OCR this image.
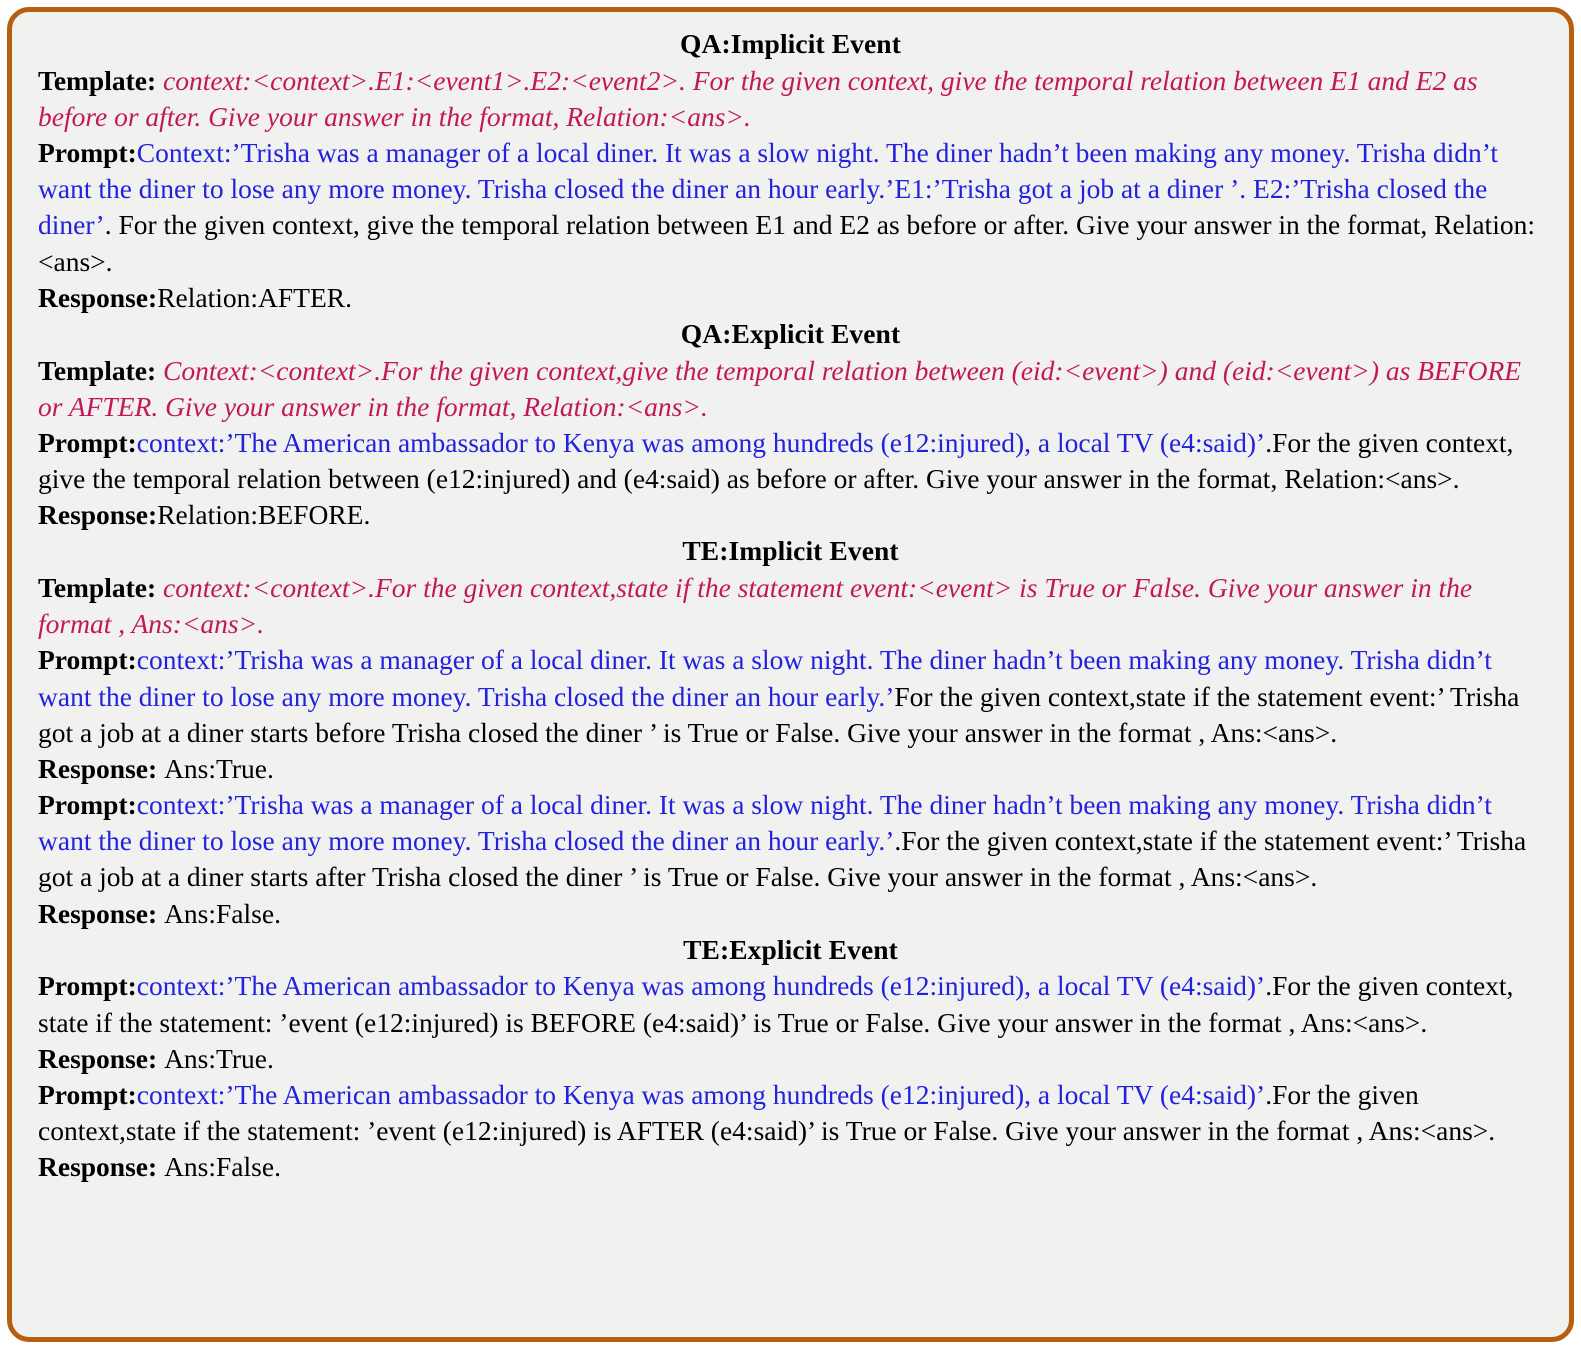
QA:Implicit Event

Template: context:<context>.E1:<event1>.E2:<event2>. For the given context, give the temporal relation between E1 and E2 as before or after. Give your answer in the format, Relation:<ans>.

Prompt:Context:’Trisha was a manager of a local diner. It was a slow night. The diner hadn’t been making any money. Trisha didn’t want the diner to lose any more money. Trisha closed the diner an hour early.’E1:’Trisha got a job at a diner ’. E2:’Trisha closed the diner’. For the given context, give the temporal relation between E1 and E2 as before or after. Give your answer in the format, Relation:<ans>.

Response:Relation:AFTER.

QA:Explicit Event

Template: Context:<context>.For the given context,give the temporal relation between (eid:<event>) and (eid:<event>) as BEFORE or AFTER. Give your answer in the format, Relation:<ans>.

Prompt:context:’The American ambassador to Kenya was among hundreds (e12:injured), a local TV (e4:said)’.For the given context, give the temporal relation between (e12:injured) and (e4:said) as before or after. Give your answer in the format, Relation:<ans>.

Response:Relation:BEFORE.

TE:Implicit Event

Template: context:<context>.For the given context,state if the statement event:<event> is True or False. Give your answer in the format , Ans:<ans>.

Prompt:context:’Trisha was a manager of a local diner. It was a slow night. The diner hadn’t been making any money. Trisha didn’t want the diner to lose any more money. Trisha closed the diner an hour early.’For the given context,state if the statement event:’ Trisha got a job at a diner starts before Trisha closed the diner ’ is True or False. Give your answer in the format , Ans:<ans>.

Response: Ans:True.

Prompt:context:’Trisha was a manager of a local diner. It was a slow night. The diner hadn’t been making any money. Trisha didn’t want the diner to lose any more money. Trisha closed the diner an hour early.’.For the given context,state if the statement event:’ Trisha got a job at a diner starts after Trisha closed the diner ’ is True or False. Give your answer in the format , Ans:<ans>.

Response: Ans:False.

TE:Explicit Event

Prompt:context:’The American ambassador to Kenya was among hundreds (e12:injured), a local TV (e4:said)’.For the given context, state if the statement: ’event (e12:injured) is BEFORE (e4:said)’ is True or False. Give your answer in the format , Ans:<ans>.

Response: Ans:True.

Prompt:context:’The American ambassador to Kenya was among hundreds (e12:injured), a local TV (e4:said)’.For the given context,state if the statement: ’event (e12:injured) is AFTER (e4:said)’ is True or False. Give your answer in the format , Ans:<ans>.

Response: Ans:False.
